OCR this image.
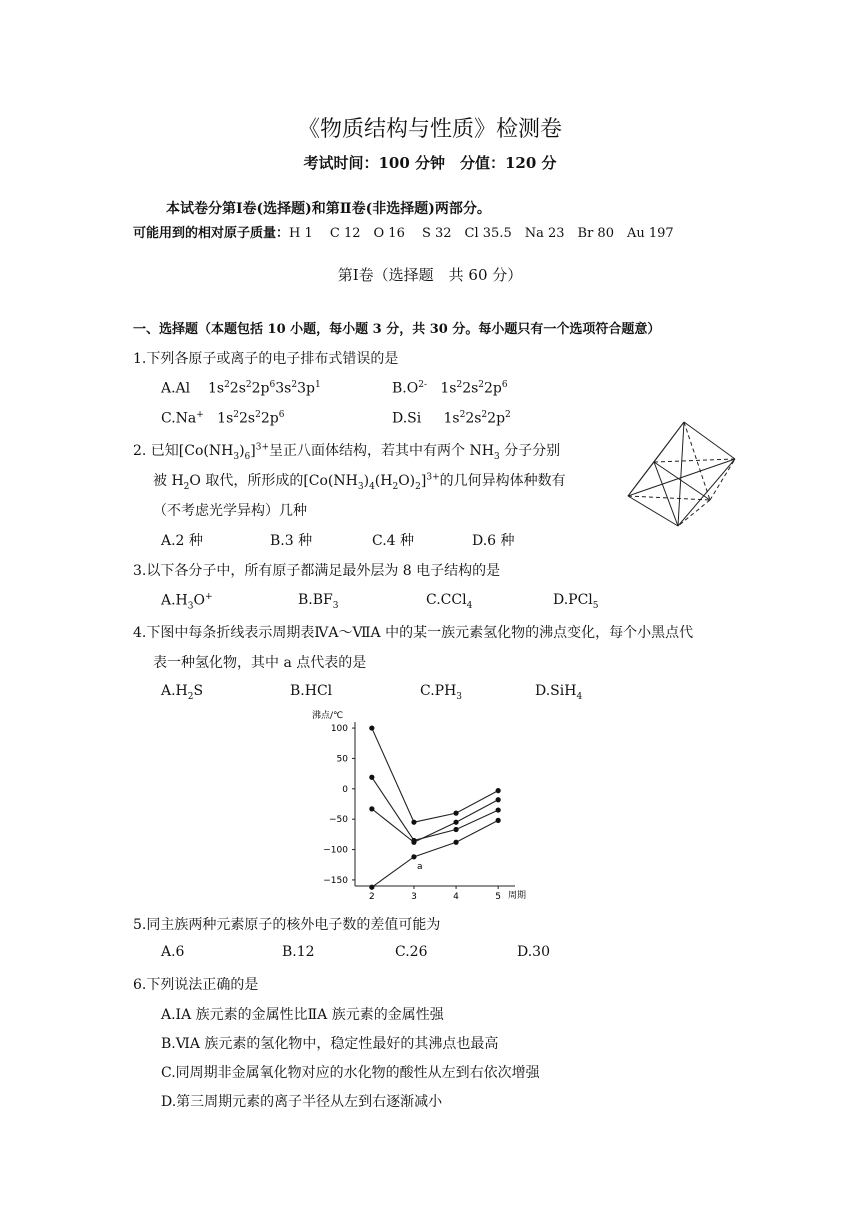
《物质结构与性质》检测卷
考试时间：100 分钟　分值：120 分
本试卷分第Ⅰ卷(选择题)和第Ⅱ卷(非选择题)两部分。
可能用到的相对原子质量：H 1　 C 12　O 16　 S 32　Cl 35.5　Na 23　Br 80　Au 197
第Ⅰ卷（选择题　共 60 分）
一、选择题（本题包括 10 小题，每小题 3 分，共 30 分。每小题只有一个选项符合题意）
1.下列各原子或离子的电子排布式错误的是
A.Al    $1s^22s^22p^63s^23p^1$	$B.O^{2-}$   $1s^22s^22p^6$
C.Na+   $1s^22s^22p^6$	D.Si     $1s^22s^22p^2$
2. 已知$[Co(NH_3)_6]^{3+}$呈正八面体结构，若其中有两个 $NH_3$ 分子分别
被 $H_2O$ 取代，所形成的$[Co(NH_3)_4(H_2O)_2]^{3+}$的几何异构体种数有
（不考虑光学异构）几种
A.2 种	B.3 种	C.4 种	D.6 种
3.以下各分子中，所有原子都满足最外层为 8 电子结构的是
$A.H_3O^+$	$B.BF_3$	C.CCl$_4$	D.PCl$_5$
4.下图中每条折线表示周期表ⅣA～ⅦA 中的某一族元素氢化物的沸点变化，每个小黑点代
表一种氢化物，其中 a 点代表的是
$A.H_2S$	B.HCl	$C.PH_3$	D.SiH$_4$
沸点/℃
周期
100
50
0
−50
−100
−150
2	3	4	5
a
5.同主族两种元素原子的核外电子数的差值可能为
A.6	B.12	C.26	D.30
6.下列说法正确的是
A.ⅠA 族元素的金属性比ⅡA 族元素的金属性强
B.ⅥA 族元素的氢化物中，稳定性最好的其沸点也最高
C.同周期非金属氧化物对应的水化物的酸性从左到右依次增强
D.第三周期元素的离子半径从左到右逐渐减小
